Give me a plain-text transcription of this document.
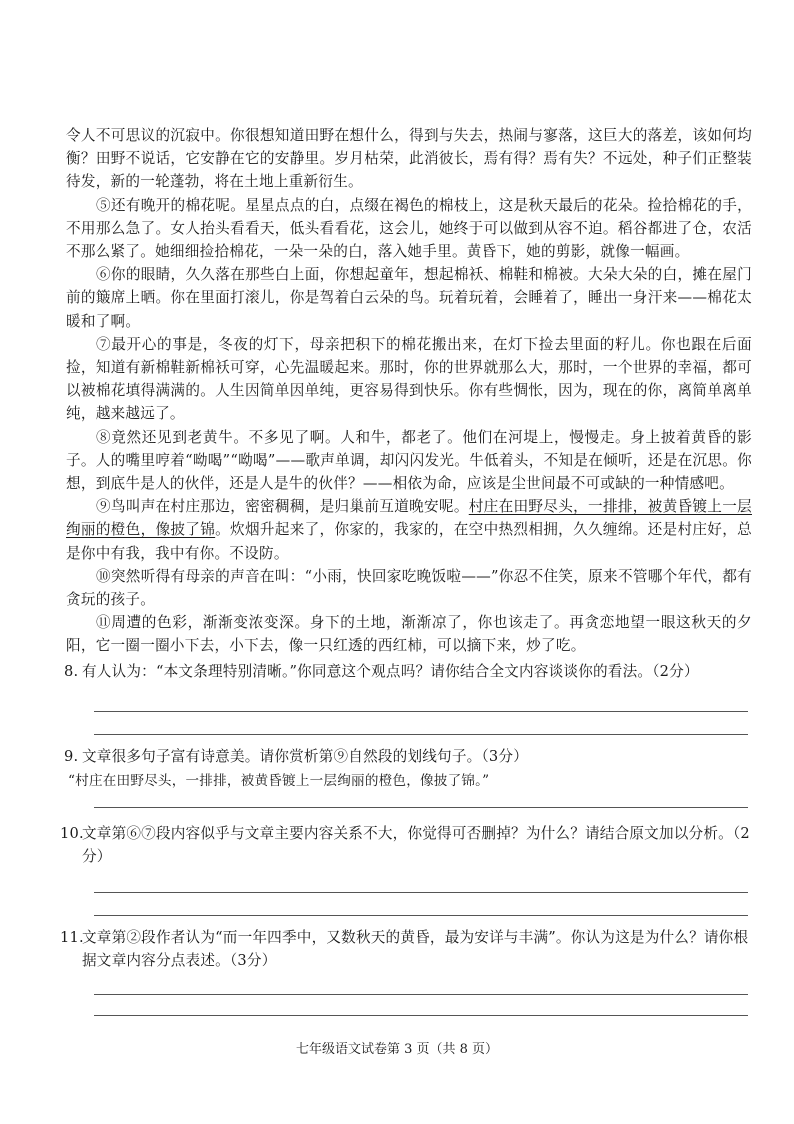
令人不可思议的沉寂中。你很想知道田野在想什么，得到与失去，热闹与寥落，这巨大的落差，该如何均衡？田野不说话，它安静在它的安静里。岁月枯荣，此消彼长，焉有得？焉有失？不远处，种子们正整装待发，新的一轮蓬勃，将在土地上重新衍生。

⑤还有晚开的棉花呢。星星点点的白，点缀在褐色的棉枝上，这是秋天最后的花朵。捡拾棉花的手，不用那么急了。女人抬头看看天，低头看看花，这会儿，她终于可以做到从容不迫。稻谷都进了仓，农活不那么紧了。她细细捡拾棉花，一朵一朵的白，落入她手里。黄昏下，她的剪影，就像一幅画。

⑥你的眼睛，久久落在那些白上面，你想起童年，想起棉袄、棉鞋和棉被。大朵大朵的白，摊在屋门前的簸席上晒。你在里面打滚儿，你是驾着白云朵的鸟。玩着玩着，会睡着了，睡出一身汗来——棉花太暖和了啊。

⑦最开心的事是，冬夜的灯下，母亲把积下的棉花搬出来，在灯下捡去里面的籽儿。你也跟在后面捡，知道有新棉鞋新棉袄可穿，心先温暖起来。那时，你的世界就那么大，那时，一个世界的幸福，都可以被棉花填得满满的。人生因简单因单纯，更容易得到快乐。你有些惆怅，因为，现在的你，离简单离单纯，越来越远了。

⑧竟然还见到老黄牛。不多见了啊。人和牛，都老了。他们在河堤上，慢慢走。身上披着黄昏的影子。人的嘴里哼着“呦喝”“呦喝”——歌声单调，却闪闪发光。牛低着头，不知是在倾听，还是在沉思。你想，到底牛是人的伙伴，还是人是牛的伙伴？——相依为命，应该是尘世间最不可或缺的一种情感吧。

⑨鸟叫声在村庄那边，密密稠稠，是归巢前互道晚安呢。村庄在田野尽头，一排排，被黄昏镀上一层绚丽的橙色，像披了锦。炊烟升起来了，你家的，我家的，在空中热烈相拥，久久缠绵。还是村庄好，总是你中有我，我中有你。不设防。

⑩突然听得有母亲的声音在叫：“小雨，快回家吃晚饭啦——”你忍不住笑，原来不管哪个年代，都有贪玩的孩子。

⑪周遭的色彩，渐渐变浓变深。身下的土地，渐渐凉了，你也该走了。再贪恋地望一眼这秋天的夕阳，它一圈一圈小下去，小下去，像一只红透的西红柿，可以摘下来，炒了吃。

8. 有人认为：“本文条理特别清晰。”你同意这个观点吗？请你结合全文内容谈谈你的看法。（2分）
9. 文章很多句子富有诗意美。请你赏析第⑨自然段的划线句子。（3分）
“村庄在田野尽头，一排排，被黄昏镀上一层绚丽的橙色，像披了锦。”
10.
文章第⑥⑦段内容似乎与文章主要内容关系不大，你觉得可否删掉？为什么？请结合原文加以分析。（2分）
11.
文章第②段作者认为“而一年四季中，又数秋天的黄昏，最为安详与丰满”。你认为这是为什么？请你根据文章内容分点表述。（3分）
七年级语文试卷第 3 页（共 8 页）
